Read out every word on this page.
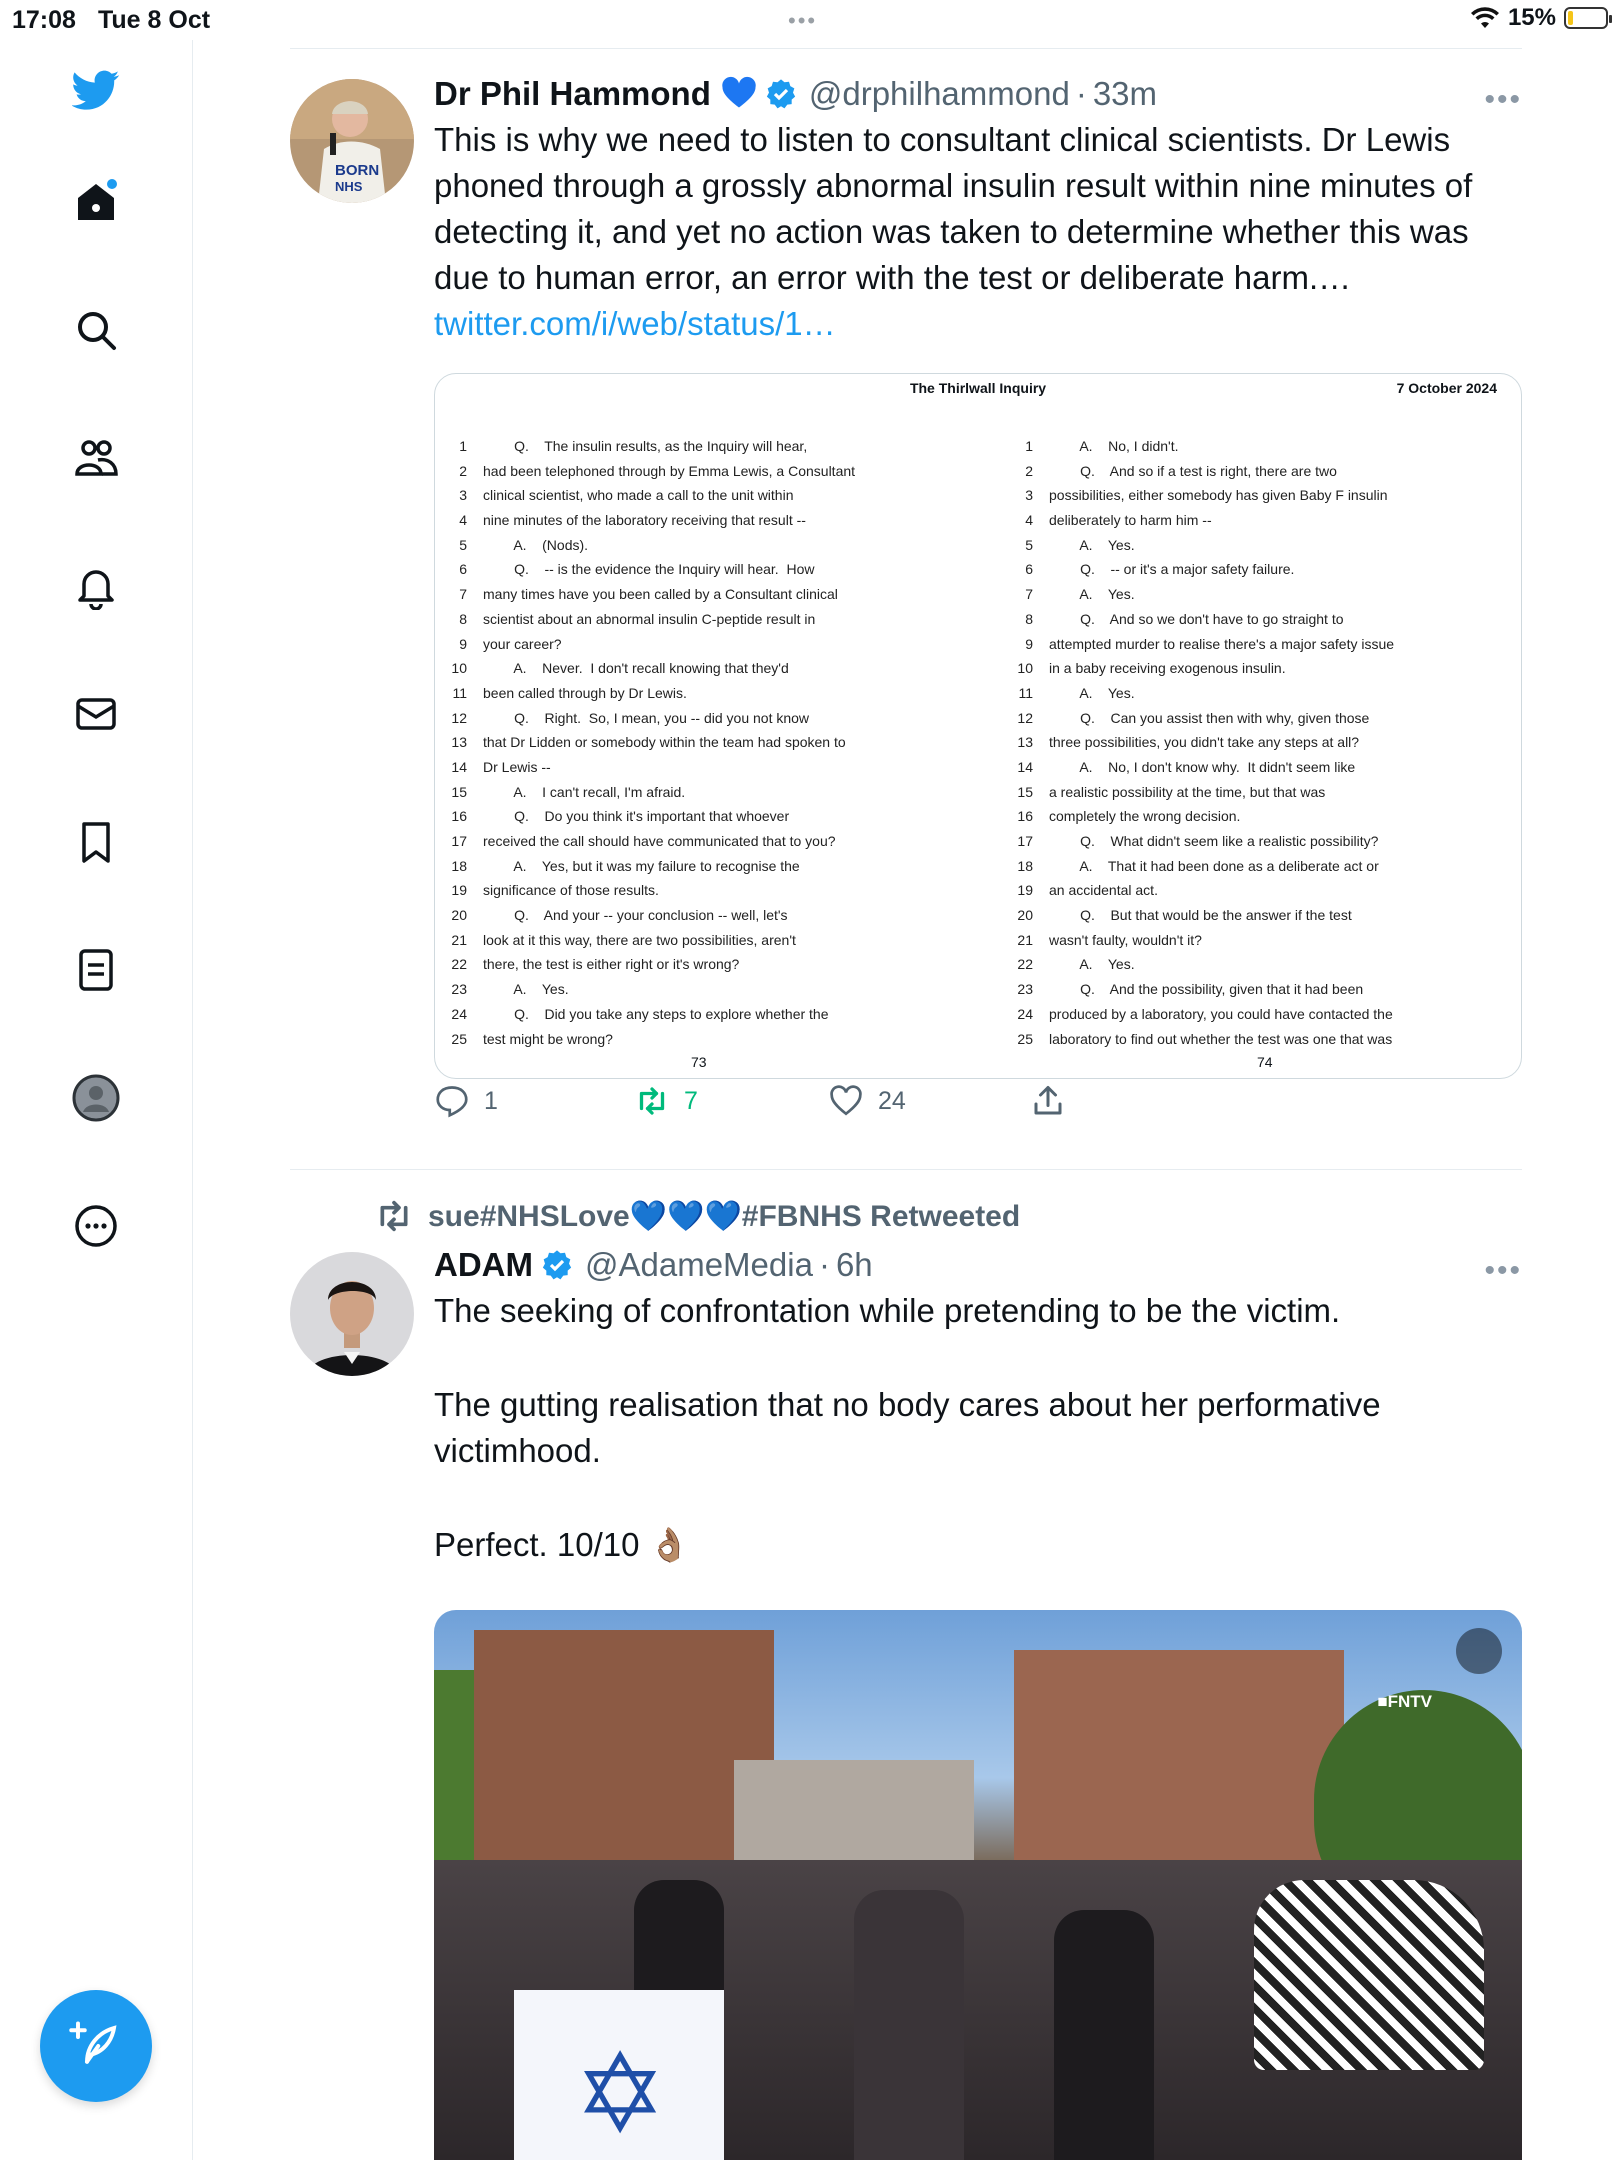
17:08 Tue 8 Oct	•••	15%
BORN
NHS
Dr Phil Hammond	@drphilhammond · 33m	•••
This is why we need to listen to consultant clinical scientists. Dr Lewis phoned through a grossly abnormal insulin result within nine minutes of detecting it, and yet no action was taken to determine whether this was due to human error, an error with the test or deliberate harm.…
twitter.com/i/web/status/1…
The Thirlwall Inquiry	7 October 2024
1	Q.    The insulin results, as the Inquiry will hear,
2	had been telephoned through by Emma Lewis, a Consultant
3	clinical scientist, who made a call to the unit within
4	nine minutes of the laboratory receiving that result --
5	A.    (Nods).
6	Q.    -- is the evidence the Inquiry will hear.  How
7	many times have you been called by a Consultant clinical
8	scientist about an abnormal insulin C-peptide result in
9	your career?
10	A.    Never.  I don't recall knowing that they'd
11	been called through by Dr Lewis.
12	Q.    Right.  So, I mean, you -- did you not know
13	that Dr Lidden or somebody within the team had spoken to
14	Dr Lewis --
15	A.    I can't recall, I'm afraid.
16	Q.    Do you think it's important that whoever
17	received the call should have communicated that to you?
18	A.    Yes, but it was my failure to recognise the
19	significance of those results.
20	Q.    And your -- your conclusion -- well, let's
21	look at it this way, there are two possibilities, aren't
22	there, the test is either right or it's wrong?
23	A.    Yes.
24	Q.    Did you take any steps to explore whether the
25	test might be wrong?
1	A.    No, I didn't.
2	Q.    And so if a test is right, there are two
3	possibilities, either somebody has given Baby F insulin
4	deliberately to harm him --
5	A.    Yes.
6	Q.    -- or it's a major safety failure.
7	A.    Yes.
8	Q.    And so we don't have to go straight to
9	attempted murder to realise there's a major safety issue
10	in a baby receiving exogenous insulin.
11	A.    Yes.
12	Q.    Can you assist then with why, given those
13	three possibilities, you didn't take any steps at all?
14	A.    No, I don't know why.  It didn't seem like
15	a realistic possibility at the time, but that was
16	completely the wrong decision.
17	Q.    What didn't seem like a realistic possibility?
18	A.    That it had been done as a deliberate act or
19	an accidental act.
20	Q.    But that would be the answer if the test
21	wasn't faulty, wouldn't it?
22	A.    Yes.
23	Q.    And the possibility, given that it had been
24	produced by a laboratory, you could have contacted the
25	laboratory to find out whether the test was one that was
73	74
1	7	24
sue#NHSLove💙💙💙#FBNHS Retweeted
ADAM @AdameMedia · 6h	•••
The seeking of confrontation while pretending to be the victim.
The gutting realisation that no body cares about her performative victimhood.
Perfect. 10/10 👌🏽
✡
■FNTV
